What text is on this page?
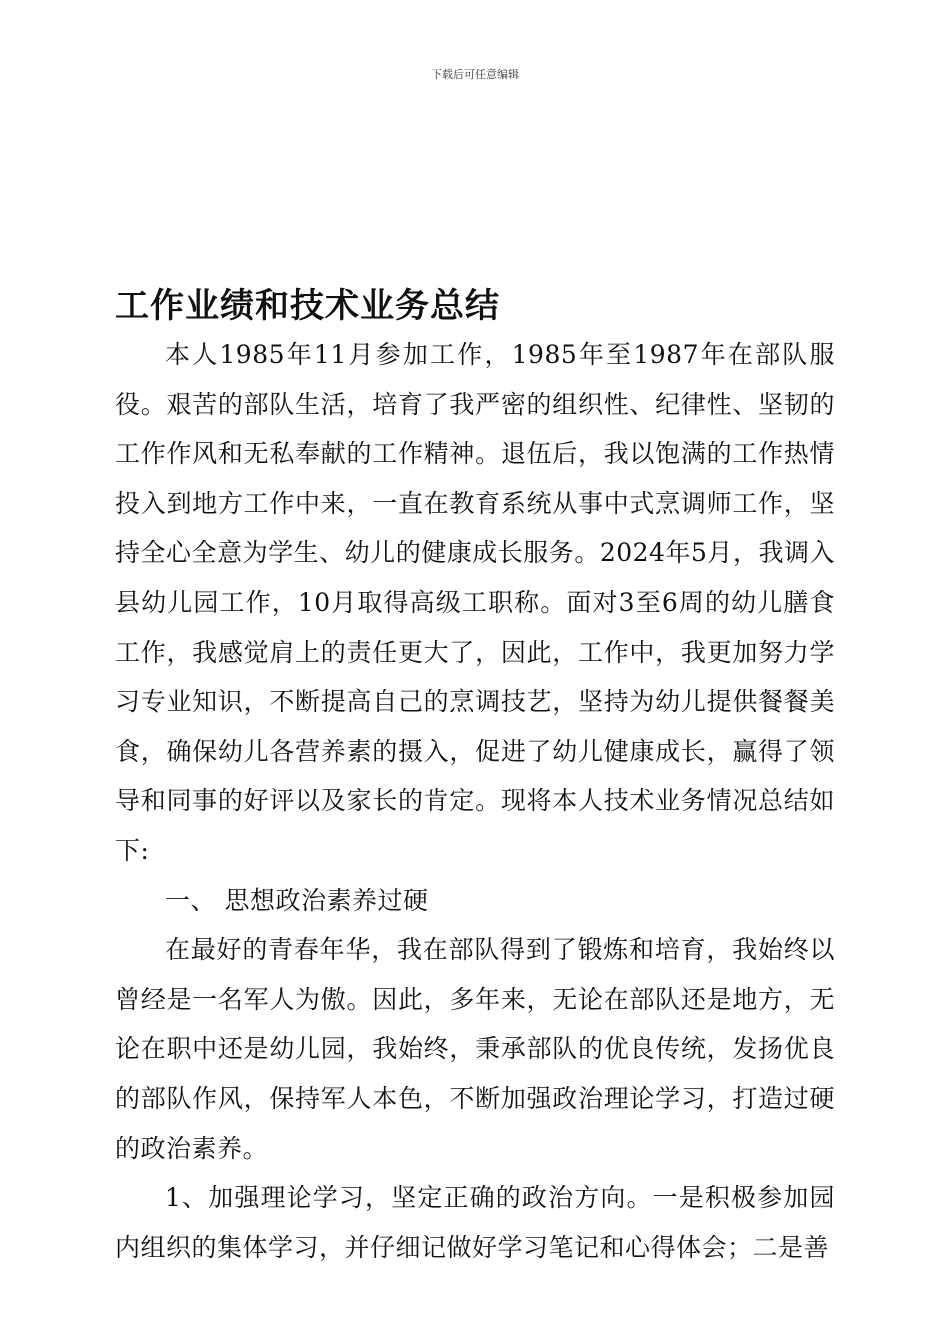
下载后可任意编辑
工作业绩和技术业务总结

本人1985年11月参加工作，1985年至1987年在部队服役。艰苦的部队生活，培育了我严密的组织性、纪律性、坚韧的工作作风和无私奉献的工作精神。退伍后，我以饱满的工作热情投入到地方工作中来，一直在教育系统从事中式烹调师工作，坚持全心全意为学生、幼儿的健康成长服务。2024年5月，我调入县幼儿园工作，10月取得高级工职称。面对3至6周的幼儿膳食工作，我感觉肩上的责任更大了，因此，工作中，我更加努力学习专业知识，不断提高自己的烹调技艺，坚持为幼儿提供餐餐美食，确保幼儿各营养素的摄入，促进了幼儿健康成长，赢得了领导和同事的好评以及家长的肯定。现将本人技术业务情况总结如下:

一、 思想政治素养过硬

在最好的青春年华，我在部队得到了锻炼和培育，我始终以曾经是一名军人为傲。因此，多年来，无论在部队还是地方，无论在职中还是幼儿园，我始终，秉承部队的优良传统，发扬优良的部队作风，保持军人本色，不断加强政治理论学习，打造过硬的政治素养。

1、加强理论学习，坚定正确的政治方向。一是积极参加园内组织的集体学习，并仔细记做好学习笔记和心得体会；二是善
